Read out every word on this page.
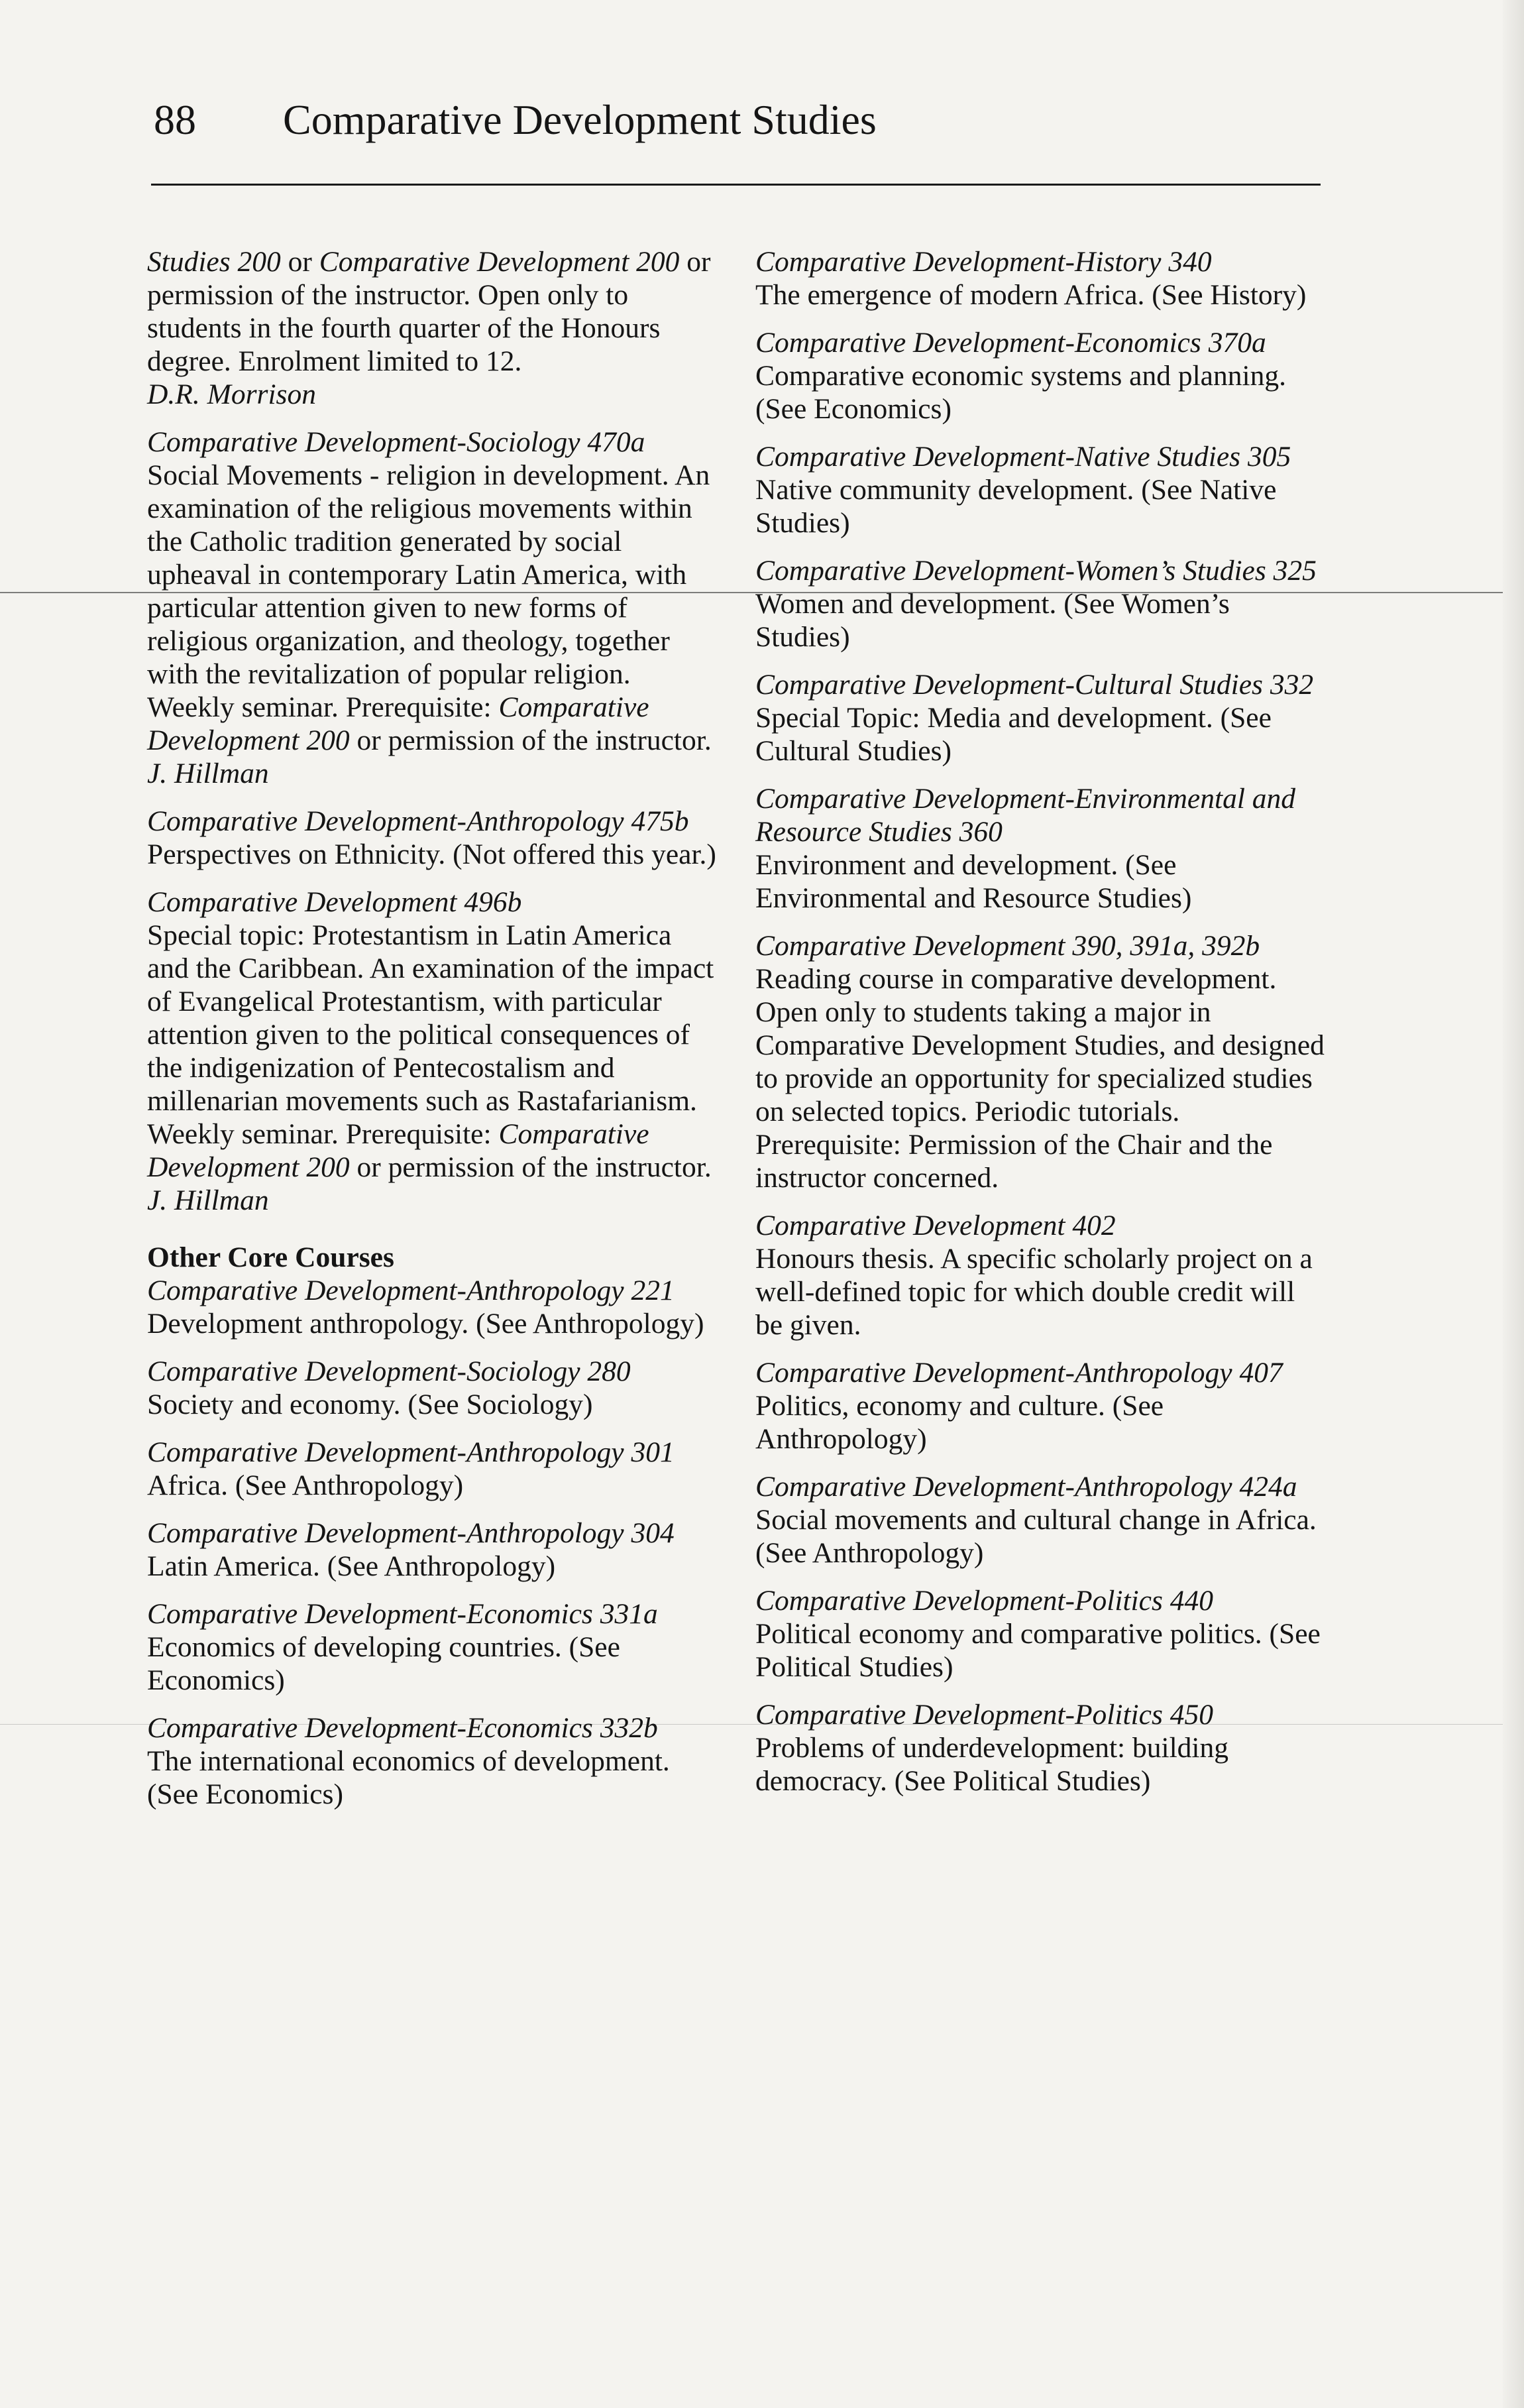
88 Comparative Development Studies
Studies 200 or Comparative Development 200 or permission of the instructor. Open only to students in the fourth quarter of the Honours degree. Enrolment limited to 12.
D.R. Morrison
Comparative Development-Sociology 470a
Social Movements - religion in development. An examination of the religious movements within the Catholic tradition generated by social upheaval in contemporary Latin America, with particular attention given to new forms of religious organization, and theology, together with the revitalization of popular religion. Weekly seminar. Prerequisite: Comparative Development 200 or permission of the instructor.
J. Hillman
Comparative Development-Anthropology 475b
Perspectives on Ethnicity. (Not offered this year.)
Comparative Development 496b
Special topic: Protestantism in Latin America and the Caribbean. An examination of the impact of Evangelical Protestantism, with particular attention given to the political consequences of the indigenization of Pentecostalism and millenarian movements such as Rastafarianism. Weekly seminar. Prerequisite: Comparative Development 200 or permission of the instructor.
J. Hillman
Other Core Courses
Comparative Development-Anthropology 221
Development anthropology. (See Anthropology)
Comparative Development-Sociology 280
Society and economy. (See Sociology)
Comparative Development-Anthropology 301
Africa. (See Anthropology)
Comparative Development-Anthropology 304
Latin America. (See Anthropology)
Comparative Development-Economics 331a
Economics of developing countries. (See Economics)
Comparative Development-Economics 332b
The international economics of development. (See Economics)
Comparative Development-History 340
The emergence of modern Africa. (See History)
Comparative Development-Economics 370a
Comparative economic systems and planning. (See Economics)
Comparative Development-Native Studies 305
Native community development. (See Native Studies)
Comparative Development-Women’s Studies 325
Women and development. (See Women’s Studies)
Comparative Development-Cultural Studies 332
Special Topic: Media and development. (See Cultural Studies)
Comparative Development-Environmental and Resource Studies 360
Environment and development. (See Environmental and Resource Studies)
Comparative Development 390, 391a, 392b
Reading course in comparative development. Open only to students taking a major in Comparative Development Studies, and designed to provide an opportunity for specialized studies on selected topics. Periodic tutorials. Prerequisite: Permission of the Chair and the instructor concerned.
Comparative Development 402
Honours thesis. A specific scholarly project on a well-defined topic for which double credit will be given.
Comparative Development-Anthropology 407
Politics, economy and culture. (See Anthropology)
Comparative Development-Anthropology 424a
Social movements and cultural change in Africa. (See Anthropology)
Comparative Development-Politics 440
Political economy and comparative politics. (See Political Studies)
Comparative Development-Politics 450
Problems of underdevelopment: building democracy. (See Political Studies)
